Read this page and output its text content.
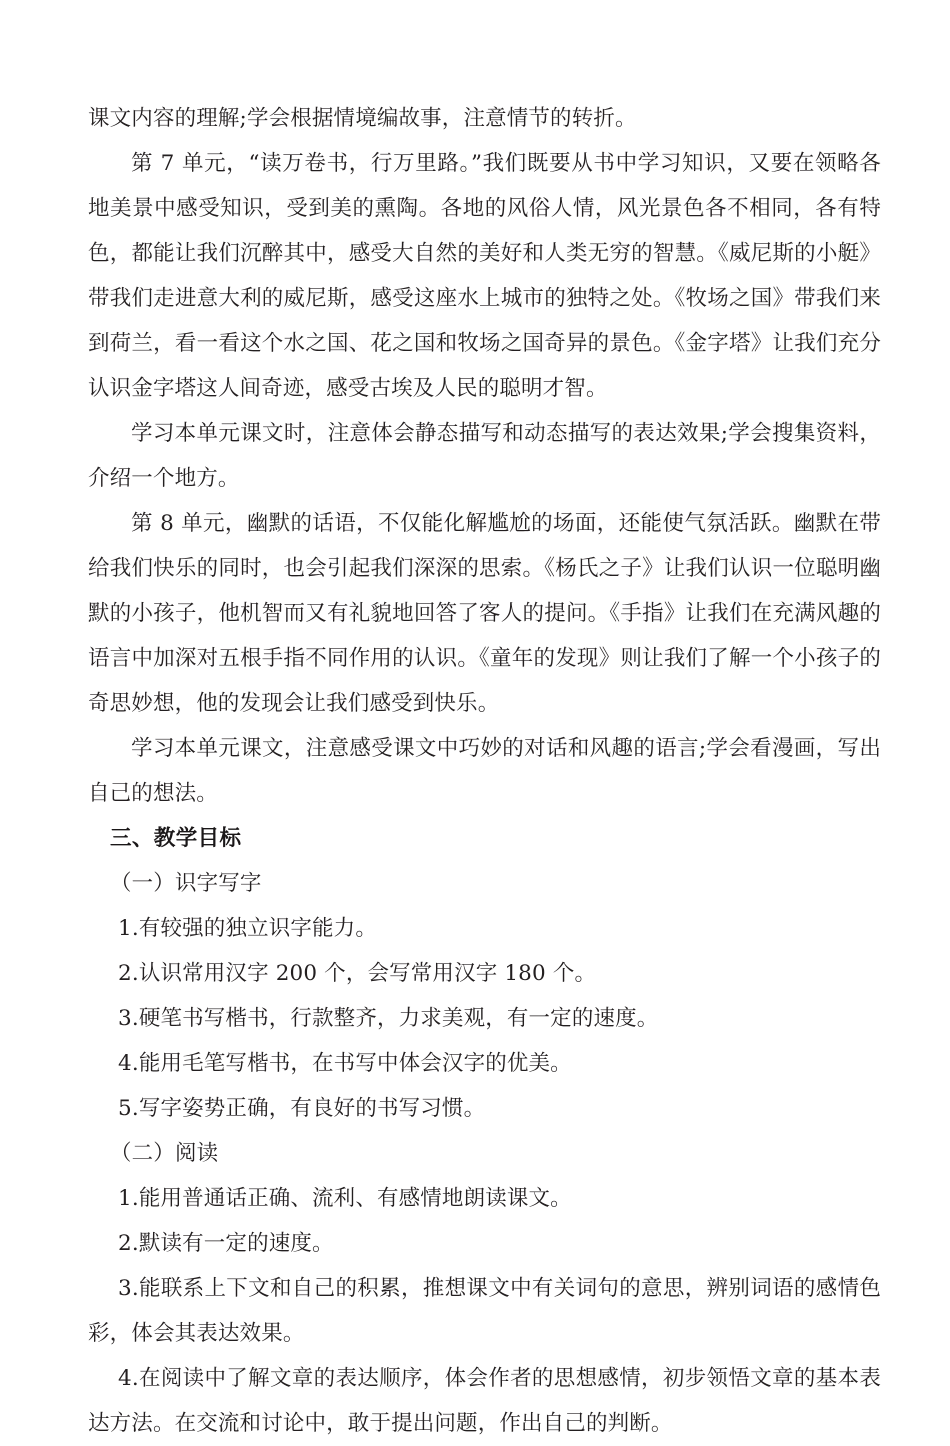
课文内容的理解;学会根据情境编故事，注意情节的转折。

第 7 单元，“读万卷书，行万里路。”我们既要从书中学习知识，又要在领略各地美景中感受知识，受到美的熏陶。各地的风俗人情，风光景色各不相同，各有特色，都能让我们沉醉其中，感受大自然的美好和人类无穷的智慧。《威尼斯的小艇》带我们走进意大利的威尼斯，感受这座水上城市的独特之处。《牧场之国》带我们来到荷兰，看一看这个水之国、花之国和牧场之国奇异的景色。《金字塔》让我们充分认识金字塔这人间奇迹，感受古埃及人民的聪明才智。

学习本单元课文时，注意体会静态描写和动态描写的表达效果;学会搜集资料，介绍一个地方。

第 8 单元，幽默的话语，不仅能化解尴尬的场面，还能使气氛活跃。幽默在带给我们快乐的同时，也会引起我们深深的思索。《杨氏之子》让我们认识一位聪明幽默的小孩子，他机智而又有礼貌地回答了客人的提问。《手指》让我们在充满风趣的语言中加深对五根手指不同作用的认识。《童年的发现》则让我们了解一个小孩子的奇思妙想，他的发现会让我们感受到快乐。

学习本单元课文，注意感受课文中巧妙的对话和风趣的语言;学会看漫画，写出自己的想法。

三、教学目标

（一）识字写字

1.有较强的独立识字能力。

2.认识常用汉字 200 个，会写常用汉字 180 个。

3.硬笔书写楷书，行款整齐，力求美观，有一定的速度。

4.能用毛笔写楷书，在书写中体会汉字的优美。

5.写字姿势正确，有良好的书写习惯。

（二）阅读

1.能用普通话正确、流利、有感情地朗读课文。

2.默读有一定的速度。

3.能联系上下文和自己的积累，推想课文中有关词句的意思，辨别词语的感情色彩，体会其表达效果。

4.在阅读中了解文章的表达顺序，体会作者的思想感情，初步领悟文章的基本表达方法。在交流和讨论中，敢于提出问题，作出自己的判断。
